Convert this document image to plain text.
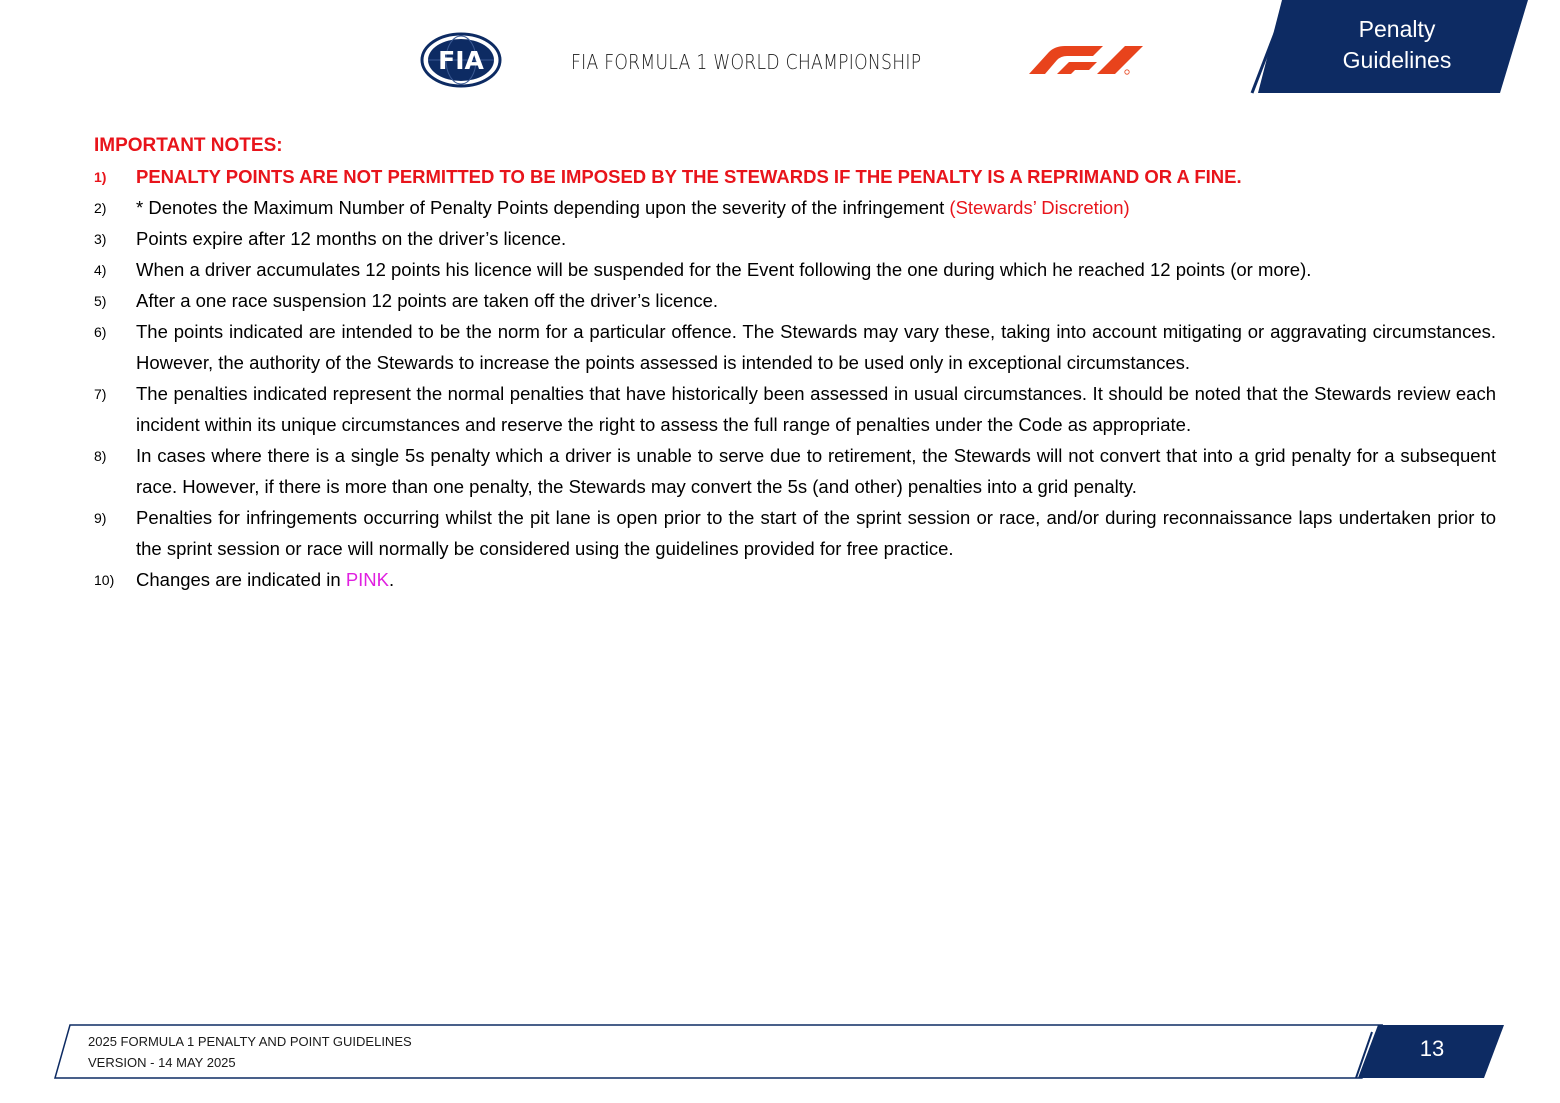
FIA	FIA FORMULA 1 WORLD CHAMPIONSHIP
Penalty
Guidelines

IMPORTANT NOTES:

1) PENALTY POINTS ARE NOT PERMITTED TO BE IMPOSED BY THE STEWARDS IF THE PENALTY IS A REPRIMAND OR A FINE.
2) * Denotes the Maximum Number of Penalty Points depending upon the severity of the infringement (Stewards’ Discretion)
3) Points expire after 12 months on the driver’s licence.
4) When a driver accumulates 12 points his licence will be suspended for the Event following the one during which he reached 12 points (or more).
5) After a one race suspension 12 points are taken off the driver’s licence.
6) The points indicated are intended to be the norm for a particular offence. The Stewards may vary these, taking into account mitigating or aggravating circumstances. However, the authority of the Stewards to increase the points assessed is intended to be used only in exceptional circumstances.
7) The penalties indicated represent the normal penalties that have historically been assessed in usual circumstances. It should be noted that the Stewards review each incident within its unique circumstances and reserve the right to assess the full range of penalties under the Code as appropriate.
8) In cases where there is a single 5s penalty which a driver is unable to serve due to retirement, the Stewards will not convert that into a grid penalty for a subsequent race. However, if there is more than one penalty, the Stewards may convert the 5s (and other) penalties into a grid penalty.
9) Penalties for infringements occurring whilst the pit lane is open prior to the start of the sprint session or race, and/or during reconnaissance laps undertaken prior to the sprint session or race will normally be considered using the guidelines provided for free practice.
10) Changes are indicated in PINK.
2025 FORMULA 1 PENALTY AND POINT GUIDELINES
VERSION - 14 MAY 2025
13
